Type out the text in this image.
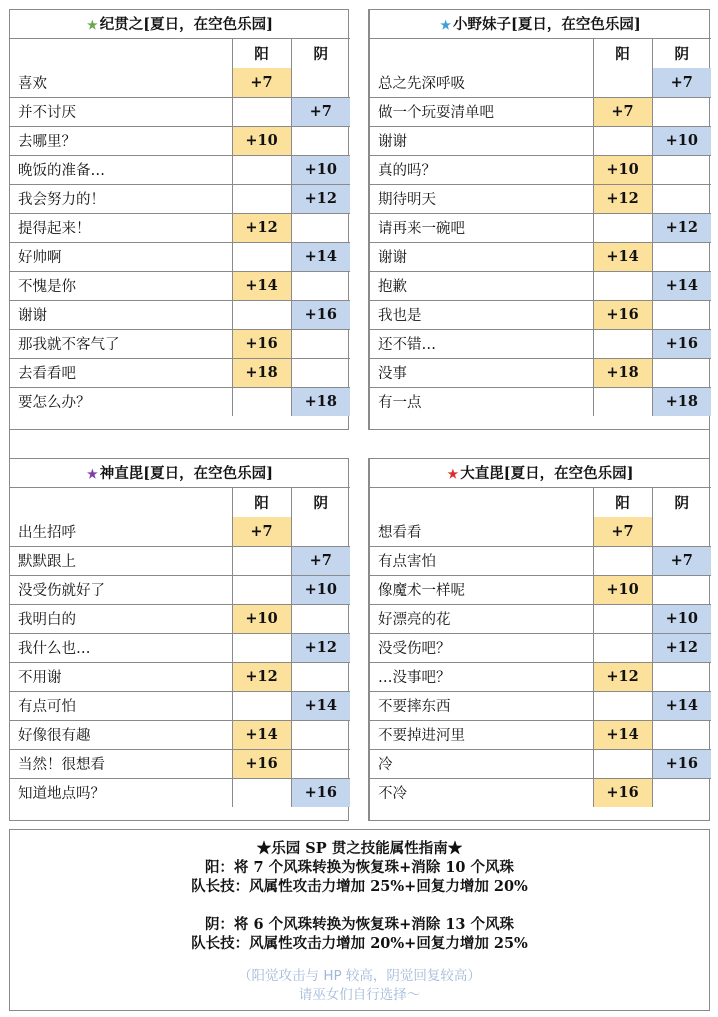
★ 纪贯之[夏日，在空色乐园]		
	阳	阴
喜欢	+7	
并不讨厌		+7
去哪里？	+10	
晚饭的准备…		+10
我会努力的！		+12
提得起来！	+12	
好帅啊		+14
不愧是你	+14	
谢谢		+16
那我就不客气了	+16	
去看看吧	+18	
要怎么办？		+18
★ 小野妹子[夏日，在空色乐园]		
	阳	阴
总之先深呼吸		+7
做一个玩耍清单吧	+7	
谢谢		+10
真的吗？	+10	
期待明天	+12	
请再来一碗吧		+12
谢谢	+14	
抱歉		+14
我也是	+16	
还不错…		+16
没事	+18	
有一点		+18
★ 神直毘[夏日，在空色乐园]		
	阳	阴
出生招呼	+7	
默默跟上		+7
没受伤就好了		+10
我明白的	+10	
我什么也…		+12
不用谢	+12	
有点可怕		+14
好像很有趣	+14	
当然！很想看	+16	
知道地点吗？		+16
★ 大直毘[夏日，在空色乐园]		
	阳	阴
想看看	+7	
有点害怕		+7
像魔术一样呢	+10	
好漂亮的花		+10
没受伤吧？		+12
…没事吧？	+12	
不要摔东西		+14
不要掉进河里	+14	
冷		+16
不冷	+16	
★乐园 SP 贯之技能属性指南★
阳：将 7 个风珠转换为恢复珠+消除 10 个风珠
队长技：风属性攻击力增加 25%+回复力增加 20%
阴：将 6 个风珠转换为恢复珠+消除 13 个风珠
队长技：风属性攻击力增加 20%+回复力增加 25%
（阳觉攻击与 HP 较高，阴觉回复较高）
请巫女们自行选择～
